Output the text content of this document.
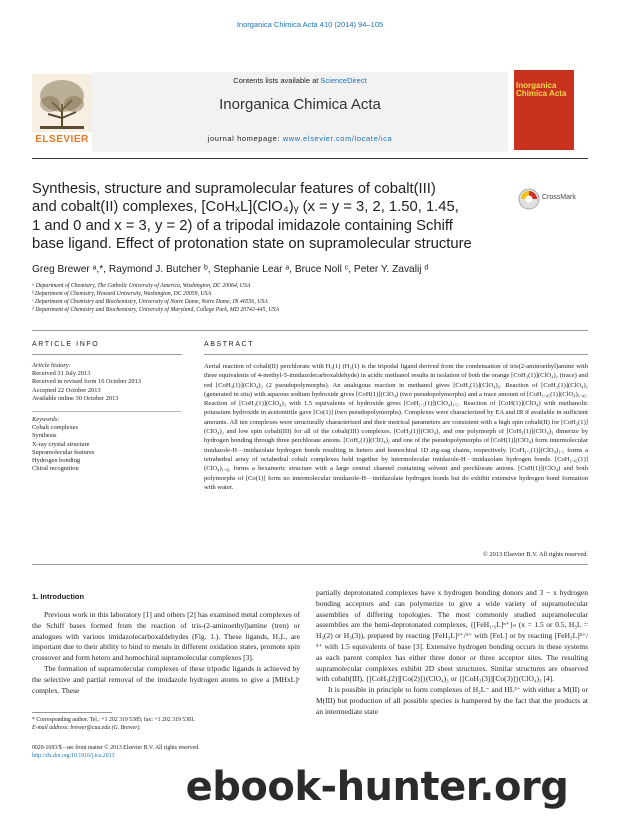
Inorganica Chimica Acta 410 (2014) 94–105
Contents lists available at ScienceDirect
Inorganica Chimica Acta
journal homepage: www.elsevier.com/locate/ica
ELSEVIER
Inorganica
Chimica Acta
Synthesis, structure and supramolecular features of cobalt(III)
and cobalt(II) complexes, [CoHₓL](ClO₄)ᵧ (x = y = 3, 2, 1.50, 1.45,
1 and 0 and x = 3, y = 2) of a tripodal imidazole containing Schiff
base ligand. Effect of protonation state on supramolecular structure
CrossMark
Greg Brewer ᵃ,*, Raymond J. Butcher ᵇ, Stephanie Lear ᵃ, Bruce Noll ᶜ, Peter Y. Zavalij ᵈ
ᵃ Department of Chemistry, The Catholic University of America, Washington, DC 20064, USA
ᵇ Department of Chemistry, Howard University, Washington, DC 20059, USA
ᶜ Department of Chemistry and Biochemistry, University of Notre Dame, Notre Dame, IN 46556, USA
ᵈ Department of Chemistry and Biochemistry, University of Maryland, College Park, MD 20742-445, USA
ARTICLE INFO	ABSTRACT
Article history:
Received 31 July 2013
Received in revised form 16 October 2013
Accepted 22 October 2013
Available online 30 October 2013
Keywords:
Cobalt complexes
Synthesis
X-ray crystal structure
Supramolecular features
Hydrogen bonding
Chiral recognition
Aerial reaction of cobalt(II) perchlorate with H₃(1) (H₃(1) is the tripodal ligand derived from the condensation of tris(2-aminoethyl)amine with three equivalents of 4-methyl-5-imidazolecarboxaldehyde) in acidic methanol results in isolation of both the orange [CoH₃(1)](ClO₄)₂ (trace) and red [CoH₃(1)](ClO₄)₃ (2 pseudopolymorphs). An analogous reaction in methanol gives [CoH₂(1)](ClO₄)₂. Reaction of [CoH₂(1)](ClO₄)₂ (generated in situ) with aqueous sodium hydroxide gives [CoH(1)](ClO₄) (two pseudopolymorphs) and a trace amount of [CoH₁.₄₅(1)](ClO₄)₁.₄₅. Reaction of [CoH₃(1)](ClO₄)₃ with 1.5 equivalents of hydroxide gives [CoH₁.₅(1)](ClO₄)₁.₅. Reaction of [CoH(1)](ClO₄) with methanolic potassium hydroxide in acetonitrile gave [Co(1)] (two pseudopolymorphs). Complexes were characterized by EA and IR if available in sufficient amounts. All ten complexes were structurally characterized and their metrical parameters are consistent with a high spin cobalt(II) for [CoH₃(1)](ClO₄)₂ and low spin cobalt(III) for all of the cobalt(III) complexes. [CoH₃(1)](ClO₄)₂ and one polymorph of [CoH₃(1)](ClO₄)₃ dimerize by hydrogen bonding through three perchlorate anions. [CoH₂(1)](ClO₄)₂ and one of the pseudopolymorphs of [CoH(1)](ClO₄) form intermolecular imidazole-H···imidazolate hydrogen bonds resulting in hetero and homochiral 1D zig-zag chains, respectively. [CoH₁.₅(1)](ClO₄)₁.₅ forms a tetrahedral array of octahedral cobalt complexes held together by intermolecular imidazole-H···imidazolate hydrogen bonds. [CoH₁.₄₅(1)](ClO₄)₁.₄₅ forms a hexameric structure with a large central channel containing solvent and perchlorate anions. [CoH(1)](ClO₄) and both polymorphs of [Co(1)] form no intermolecular imidazole-H···imidazolate hydrogen bonds but do exhibit extensive hydrogen bond formation with water.
© 2013 Elsevier B.V. All rights reserved.
1. Introduction

Previous work in this laboratory [1] and others [2] has examined metal complexes of the Schiff bases formed from the reaction of tris-(2-aminoethyl)amine (tren) or analogues with various imidazolecarboxaldehydes (Fig. 1.). These ligands, H₃L, are important due to their ability to bind to metals in different oxidation states, promote spin crossover and form hetero and homochiral supramolecular complexes [3].

The formation of supramolecular complexes of these tripodic ligands is achieved by the selective and partial removal of the imidazole hydrogen atoms to give a [MHxL]ʸ complex. These

partially deprotonated complexes have x hydrogen bonding donors and 3 − x hydrogen bonding acceptors and can polymerize to give a wide variety of supramolecular assemblies of differing topologies. The most commonly studied supramolecular assemblies are the hemi-deprotonated complexes, {[FeH₁.₅L]ⁿ⁺}ₙ (x = 1.5 or 0.5, H₃L = H₃(2) or H₃(3)), prepared by reacting [FeH₃L]²⁺/³⁺ with [FeL] or by reacting [FeH₃L]²⁺/³⁺ with 1.5 equivalents of base [3]. Extensive hydrogen bonding occurs in these systems as each parent complex has either three donor or three acceptor sites. The resulting supramolecular complexes exhibit 2D sheet structures. Similar structures are observed with cobalt(III), {[CoH₃(2)][Co(2)]}(ClO₄)₃ or {[CoH₃(3)][Co(3)]}(ClO₄)₃ [4].

It is possible in principle to form complexes of H₂L⁻ and HL²⁻ with either a M(II) or M(III) but production of all possible species is hampered by the fact that the products at an intermediate state

* Corresponding author. Tel.: +1 202 319 5385; fax: +1 202 319 5381.
E-mail address: brewer@cua.edu (G. Brewer).
0020-1693/$ - see front matter © 2013 Elsevier B.V. All rights reserved.
http://dx.doi.org/10.1016/j.ica.2013
ebook-hunter.org
